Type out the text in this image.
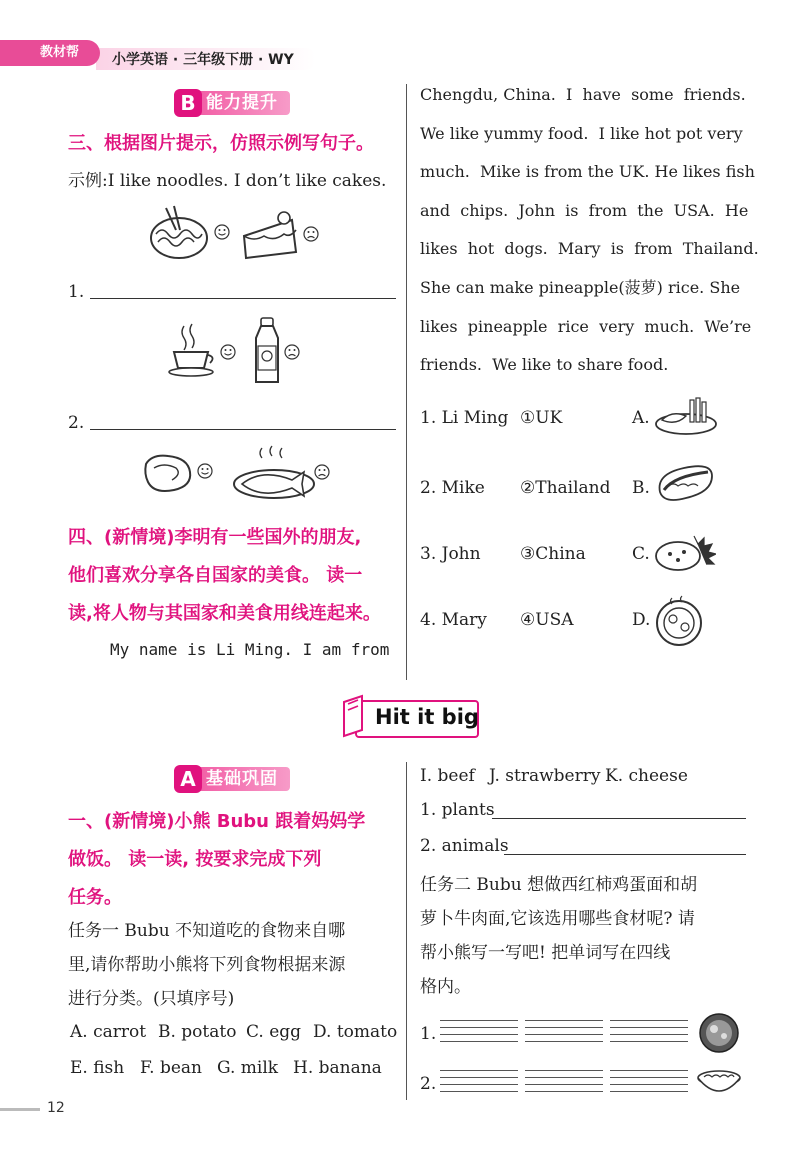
教材帮	小学英语 · 三年级下册 · WY
B 能力提升
三、根据图片提示，仿照示例写句子。
示例:I like noodles. I don’t like cakes.
1.
2.
四、(新情境)李明有一些国外的朋友,
他们喜欢分享各自国家的美食。 读一
读,将人物与其国家和美食用线连起来。
My name is Li Ming. I am from
Chengdu, China.  I  have  some  friends.
We like yummy food.  I like hot pot very
much.  Mike is from the UK. He likes fish
and  chips.  John  is  from  the  USA.  He
likes  hot  dogs.  Mary  is  from  Thailand.
She can make pineapple(菠萝) rice. She
likes  pineapple  rice  very  much.  We’re
friends.  We like to share food.
1. Li Ming ①UK	A.
2. Mike ②Thailand B.
3. John ③China	C.
4. Mary ④USA	D.
Hit it big
A 基础巩固
一、(新情境)小熊 Bubu 跟着妈妈学
做饭。 读一读, 按要求完成下列
任务。
任务一 Bubu 不知道吃的食物来自哪
里,请你帮助小熊将下列食物根据来源
进行分类。(只填序号)
A. carrot B. potato C. egg D. tomato
E. fish F. bean G. milk H. banana
I. beef J. strawberry K. cheese
1. plants
2. animals
任务二 Bubu 想做西红柿鸡蛋面和胡
萝卜牛肉面,它该选用哪些食材呢? 请
帮小熊写一写吧! 把单词写在四线
格内。
1.
2.
12
